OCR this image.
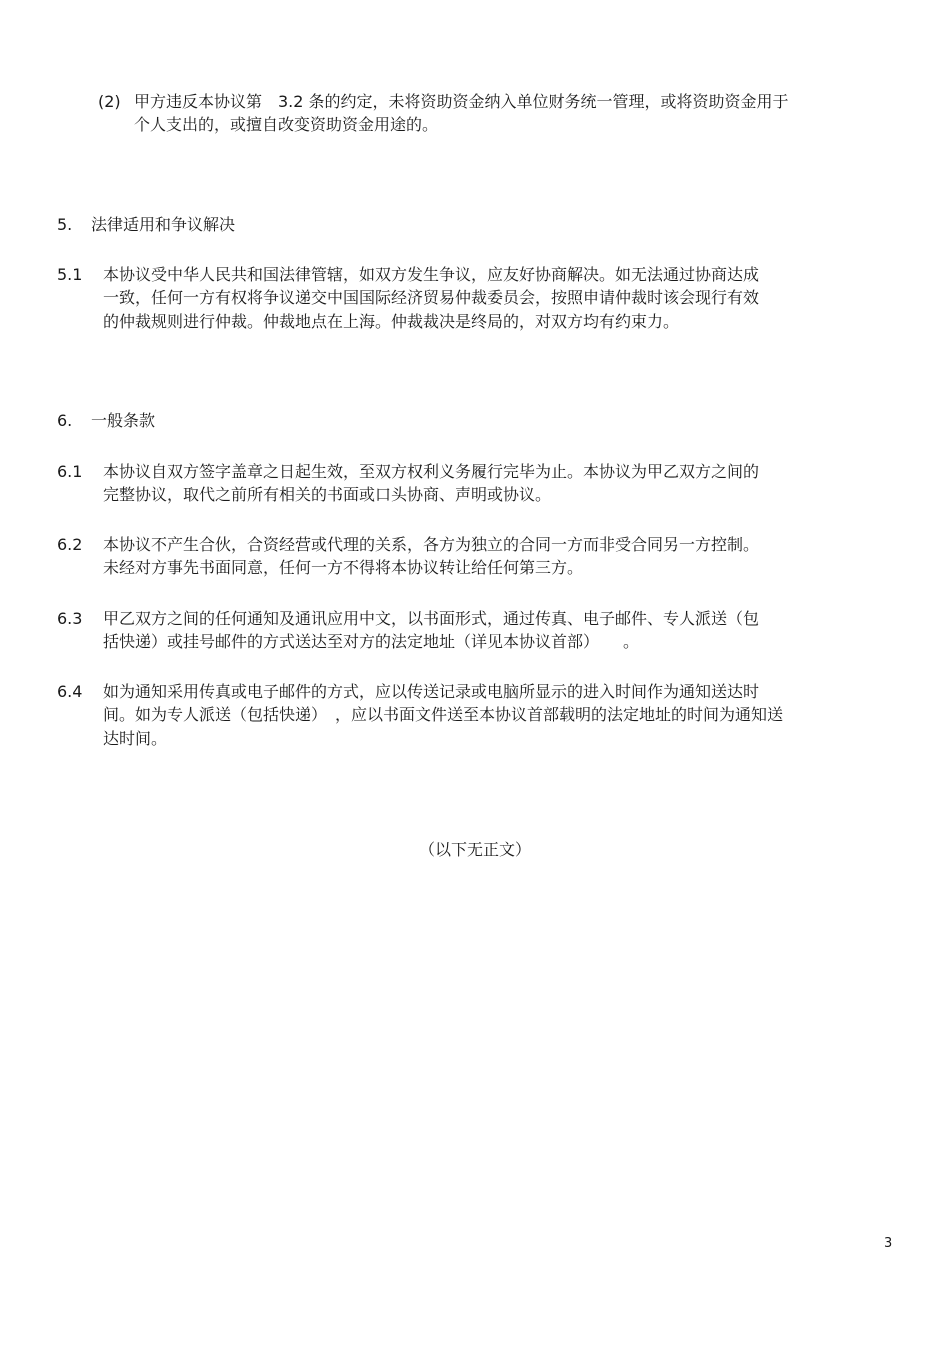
(2) 甲方违反本协议第　3.2 条的约定，未将资助资金纳入单位财务统一管理，或将资助资金用于
个人支出的，或擅自改变资助资金用途的。
5. 法律适用和争议解决
5.1 本协议受中华人民共和国法律管辖，如双方发生争议，应友好协商解决。如无法通过协商达成
一致，任何一方有权将争议递交中国国际经济贸易仲裁委员会，按照申请仲裁时该会现行有效
的仲裁规则进行仲裁。仲裁地点在上海。仲裁裁决是终局的，对双方均有约束力。
6. 一般条款
6.1 本协议自双方签字盖章之日起生效，至双方权利义务履行完毕为止。本协议为甲乙双方之间的
完整协议，取代之前所有相关的书面或口头协商、声明或协议。
6.2 本协议不产生合伙，合资经营或代理的关系，各方为独立的合同一方而非受合同另一方控制。
未经对方事先书面同意，任何一方不得将本协议转让给任何第三方。
6.3 甲乙双方之间的任何通知及通讯应用中文，以书面形式，通过传真、电子邮件、专人派送（包
括快递）或挂号邮件的方式送达至对方的法定地址（详见本协议首部）　　。
6.4 如为通知采用传真或电子邮件的方式，应以传送记录或电脑所显示的进入时间作为通知送达时
间。如为专人派送（包括快递）　，应以书面文件送至本协议首部载明的法定地址的时间为通知送
达时间。
（以下无正文）
3
